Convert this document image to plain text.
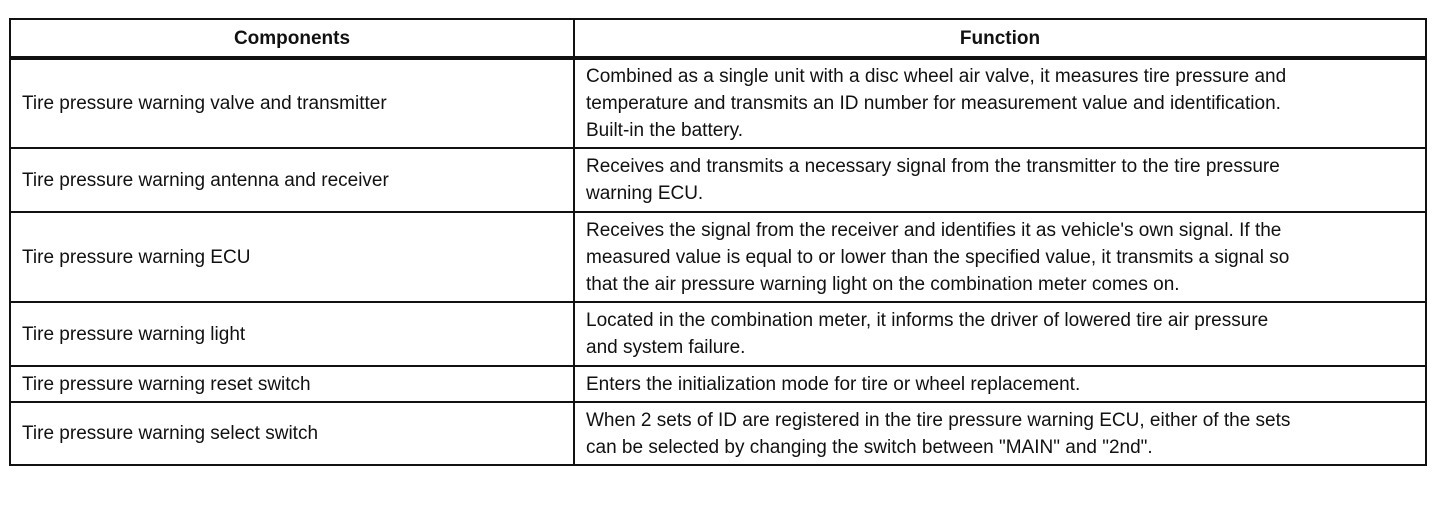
Components	Function
Tire pressure warning valve and transmitter	Combined as a single unit with a disc wheel air valve, it measures tire pressure and
temperature and transmits an ID number for measurement value and identification.
Built-in the battery.

Tire pressure warning antenna and receiver	Receives and transmits a necessary signal from the transmitter to the tire pressure
warning ECU.

Tire pressure warning ECU	Receives the signal from the receiver and identifies it as vehicle's own signal. If the
measured value is equal to or lower than the specified value, it transmits a signal so
that the air pressure warning light on the combination meter comes on.

Tire pressure warning light	Located in the combination meter, it informs the driver of lowered tire air pressure
and system failure.

Tire pressure warning reset switch	Enters the initialization mode for tire or wheel replacement.

Tire pressure warning select switch	When 2 sets of ID are registered in the tire pressure warning ECU, either of the sets
can be selected by changing the switch between "MAIN" and "2nd".
